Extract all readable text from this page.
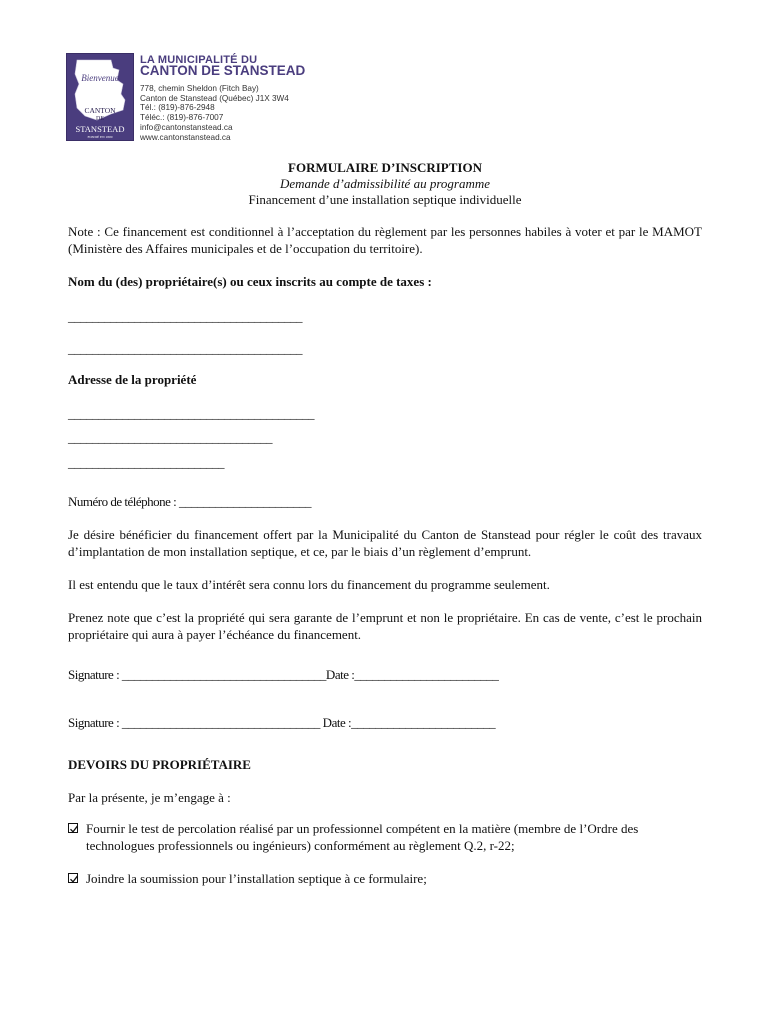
Bienvenue
CANTON
DE
STANSTEAD
FONDÉ EN 1800
LA MUNICIPALITÉ DU
CANTON DE STANSTEAD
778, chemin Sheldon (Fitch Bay)
Canton de Stanstead (Québec) J1X 3W4
Tél.: (819)-876-2948
Téléc.: (819)-876-7007
info@cantonstanstead.ca
www.cantonstanstead.ca
FORMULAIRE D’INSCRIPTION
Demande d’admissibilité au programme
Financement d’une installation septique individuelle
Note : Ce financement est conditionnel à l’acceptation du règlement par les personnes habiles à voter et par le MAMOT (Ministère des Affaires municipales et de l’occupation du territoire).
Nom du (des) propriétaire(s) ou ceux inscrits au compte de taxes :
_______________________________________
_______________________________________
Adresse de la propriété
_________________________________________
__________________________________
__________________________
Numéro de téléphone : ______________________
Je désire bénéficier du financement offert par la Municipalité du Canton de Stanstead pour régler le coût des travaux d’implantation de mon installation septique, et ce, par le biais d’un règlement d’emprunt.
Il est entendu que le taux d’intérêt sera connu lors du financement du programme seulement.
Prenez note que c’est la propriété qui sera garante de l’emprunt et non le propriétaire. En cas de vente, c’est le prochain propriétaire qui aura à payer l’échéance du financement.
Signature : __________________________________Date :________________________
Signature : _________________________________ Date :________________________
DEVOIRS DU PROPRIÉTAIRE
Par la présente, je m’engage à :
Fournir le test de percolation réalisé par un professionnel compétent en la matière (membre de l’Ordre des technologues professionnels ou ingénieurs) conformément au règlement Q.2, r-22;
Joindre la soumission pour l’installation septique à ce formulaire;
